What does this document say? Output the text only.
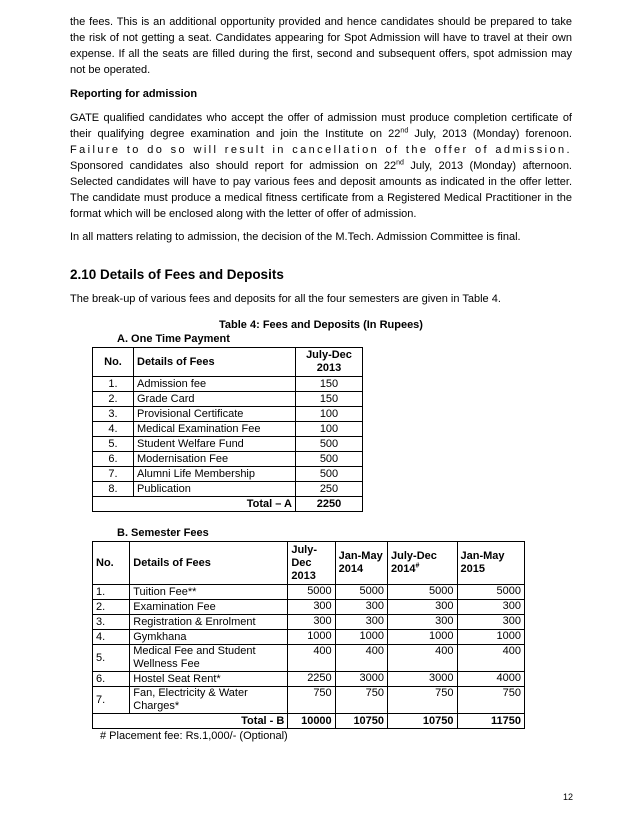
the fees. This is an additional opportunity provided and hence candidates should be prepared to take the risk of not getting a seat. Candidates appearing for Spot Admission will have to travel at their own expense. If all the seats are filled during the first, second and subsequent offers, spot admission may not be operated.

Reporting for admission

GATE qualified candidates who accept the offer of admission must produce completion certificate of their qualifying degree examination and join the Institute on 22nd July, 2013 (Monday) forenoon. Failure to do so will result in cancellation of the offer of admission. Sponsored candidates also should report for admission on 22nd July, 2013 (Monday) afternoon. Selected candidates will have to pay various fees and deposit amounts as indicated in the offer letter. The candidate must produce a medical fitness certificate from a Registered Medical Practitioner in the format which will be enclosed along with the letter of offer of admission.

In all matters relating to admission, the decision of the M.Tech. Admission Committee is final.

2.10 Details of Fees and Deposits

The break-up of various fees and deposits for all the four semesters are given in Table 4.

Table 4: Fees and Deposits (In Rupees)
A. One Time Payment
No.	Details of Fees	July-Dec 2013
1.	Admission fee	150
2.	Grade Card	150
3.	Provisional Certificate	100
4.	Medical Examination Fee	100
5.	Student Welfare Fund	500
6.	Modernisation Fee	500
7.	Alumni Life Membership	500
8.	Publication	250
Total – A		2250
B. Semester Fees
No.	Details of Fees	July-Dec 2013	Jan-May 2014	July-Dec 2014#	Jan-May 2015
1.	Tuition Fee**	5000	5000	5000	5000
2.	Examination Fee	300	300	300	300
3.	Registration & Enrolment	300	300	300	300
4.	Gymkhana	1000	1000	1000	1000
5.	Medical Fee and Student Wellness Fee	400	400	400	400
6.	Hostel Seat Rent*	2250	3000	3000	4000
7.	Fan, Electricity & Water Charges*	750	750	750	750
Total - B		10000	10750	10750	11750
# Placement fee: Rs.1,000/- (Optional)
12
